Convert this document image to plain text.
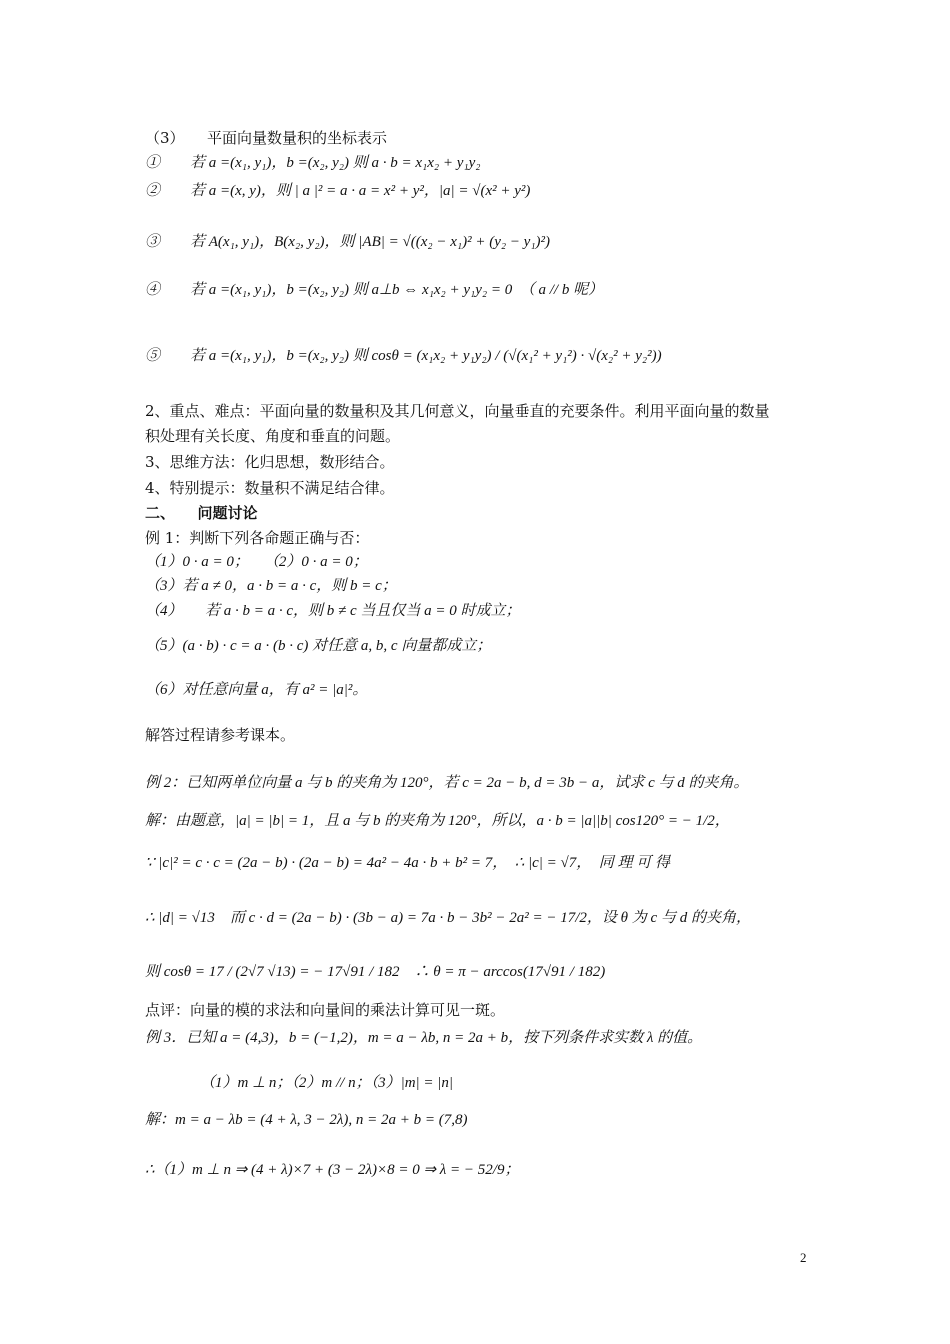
（3）　　平面向量数量积的坐标表示
①　　若 a =(x₁, y₁)，b =(x₂, y₂) 则 a · b = x₁x₂ + y₁y₂
②　　若 a =(x, y)，则 | a |² = a · a = x² + y²，|a| = √(x² + y²)
③　　若 A(x₁, y₁)，B(x₂, y₂)，则 |AB| = √((x₂ − x₁)² + (y₂ − y₁)²)
④　　若 a =(x₁, y₁)，b =(x₂, y₂) 则 a⊥b ⇔ x₁x₂ + y₁y₂ = 0　（ a // b 呢）
⑤　　若 a =(x₁, y₁)，b =(x₂, y₂) 则 cosθ = (x₁x₂ + y₁y₂) / (√(x₁² + y₁²) · √(x₂² + y₂²))
2、重点、难点：平面向量的数量积及其几何意义，向量垂直的充要条件。利用平面向量的数量
积处理有关长度、角度和垂直的问题。
3、思维方法：化归思想，数形结合。
4、特别提示：数量积不满足结合律。
二、　　问题讨论
例 1：判断下列各命题正确与否：
（1）0 · a = 0；　　（2）0 · a = 0；
（3）若 a ≠ 0，a · b = a · c，则 b = c；
（4）　　若 a · b = a · c，则 b ≠ c 当且仅当 a = 0 时成立；
（5）(a · b) · c = a · (b · c) 对任意 a, b, c 向量都成立；
（6）对任意向量 a，有 a² = |a|²。
解答过程请参考课本。
例 2：已知两单位向量 a 与 b 的夹角为 120°，若 c = 2a − b, d = 3b − a，试求 c 与 d 的夹角。
解：由题意，|a| = |b| = 1，且 a 与 b 的夹角为 120°，所以，a · b = |a||b| cos120° = − 1/2，
∵ |c|² = c · c = (2a − b) · (2a − b) = 4a² − 4a · b + b² = 7，　∴ |c| = √7，　同 理 可 得
∴ |d| = √13　而 c · d = (2a − b) · (3b − a) = 7a · b − 3b² − 2a² = − 17/2，设 θ 为 c 与 d 的夹角，
则 cosθ = 17 / (2√7 √13) = − 17√91 / 182　∴ θ = π − arccos(17√91 / 182)
点评：向量的模的求法和向量间的乘法计算可见一斑。
例 3．已知 a = (4,3)，b = (−1,2)，m = a − λb, n = 2a + b，按下列条件求实数 λ 的值。
（1）m ⊥ n；（2）m // n；（3）|m| = |n|
解：m = a − λb = (4 + λ, 3 − 2λ), n = 2a + b = (7,8)
∴（1）m ⊥ n ⇒ (4 + λ)×7 + (3 − 2λ)×8 = 0 ⇒ λ = − 52/9；
2
